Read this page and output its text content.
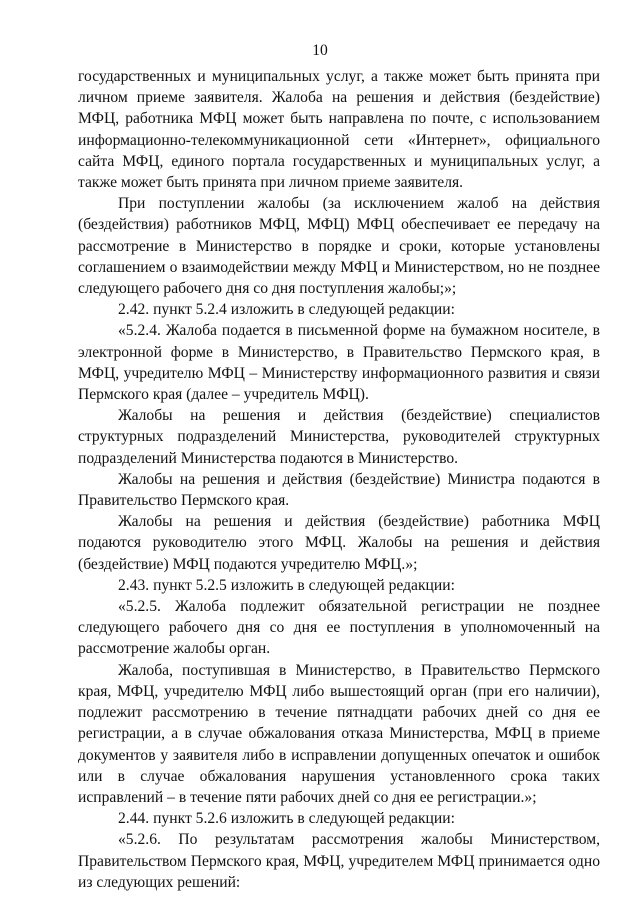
10

государственных и муниципальных услуг, а также может быть принята при личном приеме заявителя. Жалоба на решения и действия (бездействие) МФЦ, работника МФЦ может быть направлена по почте, с использованием информационно-телекоммуникационной сети «Интернет», официального сайта МФЦ, единого портала государственных и муниципальных услуг, а также может быть принята при личном приеме заявителя.

При поступлении жалобы (за исключением жалоб на действия (бездействия) работников МФЦ, МФЦ) МФЦ обеспечивает ее передачу на рассмотрение в Министерство в порядке и сроки, которые установлены соглашением о взаимодействии между МФЦ и Министерством, но не позднее следующего рабочего дня со дня поступления жалобы;»;

2.42. пункт 5.2.4 изложить в следующей редакции:

«5.2.4. Жалоба подается в письменной форме на бумажном носителе, в электронной форме в Министерство, в Правительство Пермского края, в МФЦ, учредителю МФЦ – Министерству информационного развития и связи Пермского края (далее – учредитель МФЦ).

Жалобы на решения и действия (бездействие) специалистов структурных подразделений Министерства, руководителей структурных подразделений Министерства подаются в Министерство.

Жалобы на решения и действия (бездействие) Министра подаются в Правительство Пермского края.

Жалобы на решения и действия (бездействие) работника МФЦ подаются руководителю этого МФЦ. Жалобы на решения и действия (бездействие) МФЦ подаются учредителю МФЦ.»;

2.43. пункт 5.2.5 изложить в следующей редакции:

«5.2.5. Жалоба подлежит обязательной регистрации не позднее следующего рабочего дня со дня ее поступления в уполномоченный на рассмотрение жалобы орган.

Жалоба, поступившая в Министерство, в Правительство Пермского края, МФЦ, учредителю МФЦ либо вышестоящий орган (при его наличии), подлежит рассмотрению в течение пятнадцати рабочих дней со дня ее регистрации, а в случае обжалования отказа Министерства, МФЦ в приеме документов у заявителя либо в исправлении допущенных опечаток и ошибок или в случае обжалования нарушения установленного срока таких исправлений – в течение пяти рабочих дней со дня ее регистрации.»;

2.44. пункт 5.2.6 изложить в следующей редакции:

«5.2.6. По результатам рассмотрения жалобы Министерством, Правительством Пермского края, МФЦ, учредителем МФЦ принимается одно из следующих решений:
